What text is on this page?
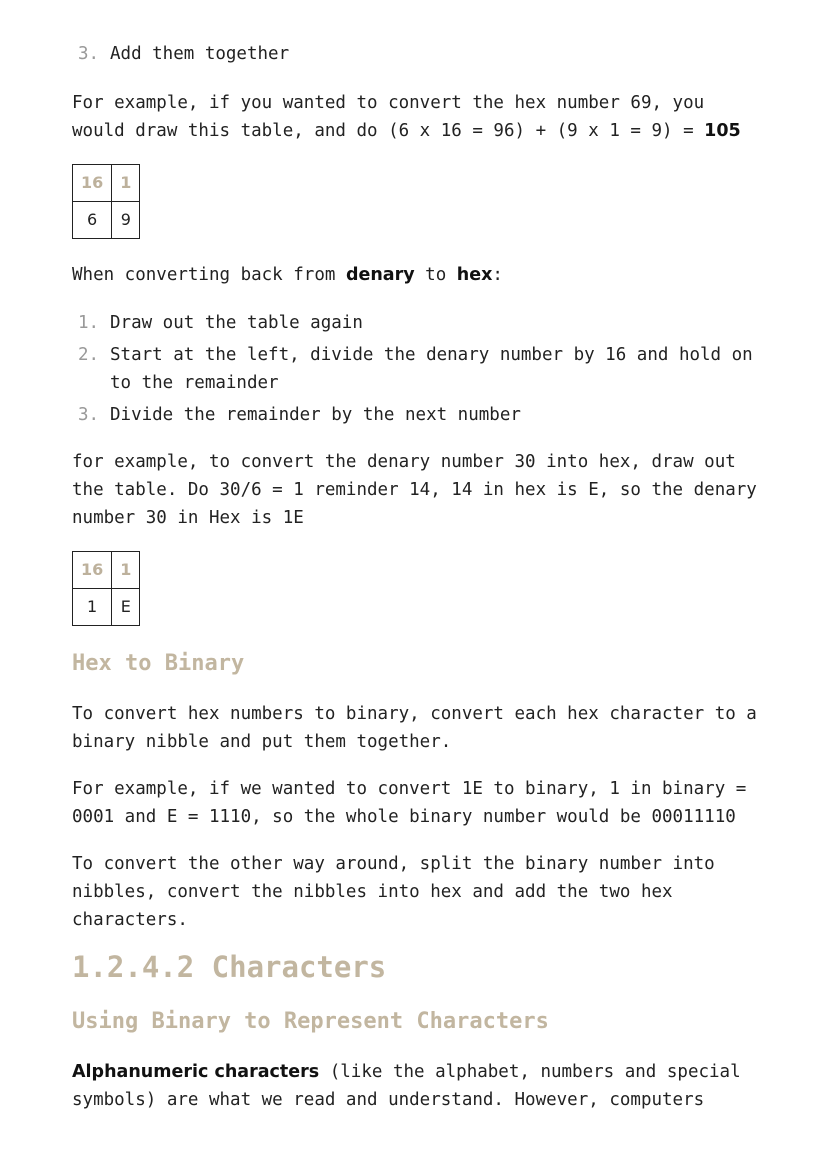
3. Add them together

For example, if you wanted to convert the hex number 69, you would draw this table, and do (6 x 16 = 96) + (9 x 1 = 9) = 105

16	1
6	9

When converting back from denary to hex:

1. Draw out the table again
2. Start at the left, divide the denary number by 16 and hold on to the remainder
3. Divide the remainder by the next number

for example, to convert the denary number 30 into hex, draw out the table. Do 30/6 = 1 reminder 14, 14 in hex is E, so the denary number 30 in Hex is 1E

16	1
1	E
Hex to Binary

To convert hex numbers to binary, convert each hex character to a binary nibble and put them together.

For example, if we wanted to convert 1E to binary, 1 in binary = 0001 and E = 1110, so the whole binary number would be 00011110

To convert the other way around, split the binary number into nibbles, convert the nibbles into hex and add the two hex characters.

1.2.4.2 Characters
Using Binary to Represent Characters

Alphanumeric characters (like the alphabet, numbers and special symbols) are what we read and understand. However, computers
